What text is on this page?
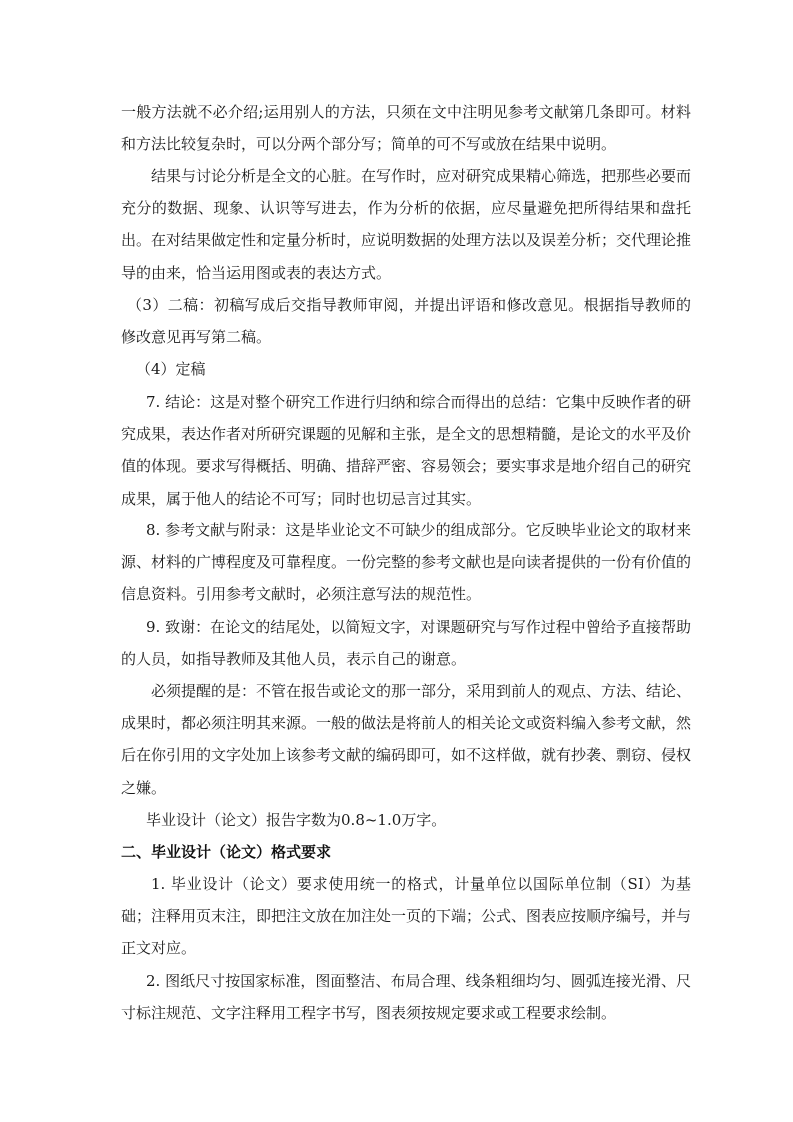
一般方法就不必介绍;运用别人的方法，只须在文中注明见参考文献第几条即可。材料和方法比较复杂时，可以分两个部分写；简单的可不写或放在结果中说明。

结果与讨论分析是全文的心脏。在写作时，应对研究成果精心筛选，把那些必要而充分的数据、现象、认识等写进去，作为分析的依据，应尽量避免把所得结果和盘托出。在对结果做定性和定量分析时，应说明数据的处理方法以及误差分析；交代理论推导的由来，恰当运用图或表的表达方式。

（3）二稿：初稿写成后交指导教师审阅，并提出评语和修改意见。根据指导教师的修改意见再写第二稿。

（4）定稿

7. 结论：这是对整个研究工作进行归纳和综合而得出的总结：它集中反映作者的研究成果，表达作者对所研究课题的见解和主张，是全文的思想精髓，是论文的水平及价值的体现。要求写得概括、明确、措辞严密、容易领会；要实事求是地介绍自己的研究成果，属于他人的结论不可写；同时也切忌言过其实。

8. 参考文献与附录：这是毕业论文不可缺少的组成部分。它反映毕业论文的取材来源、材料的广博程度及可靠程度。一份完整的参考文献也是向读者提供的一份有价值的信息资料。引用参考文献时，必须注意写法的规范性。

9. 致谢：在论文的结尾处，以简短文字，对课题研究与写作过程中曾给予直接帮助的人员，如指导教师及其他人员，表示自己的谢意。

必须提醒的是：不管在报告或论文的那一部分，采用到前人的观点、方法、结论、成果时，都必须注明其来源。一般的做法是将前人的相关论文或资料编入参考文献，然后在你引用的文字处加上该参考文献的编码即可，如不这样做，就有抄袭、剽窃、侵权之嫌。

毕业设计（论文）报告字数为0.8~1.0万字。

二、毕业设计（论文）格式要求

1. 毕业设计（论文）要求使用统一的格式，计量单位以国际单位制（SI）为基础；注释用页末注，即把注文放在加注处一页的下端；公式、图表应按顺序编号，并与正文对应。

2. 图纸尺寸按国家标准，图面整洁、布局合理、线条粗细均匀、圆弧连接光滑、尺寸标注规范、文字注释用工程字书写，图表须按规定要求或工程要求绘制。
